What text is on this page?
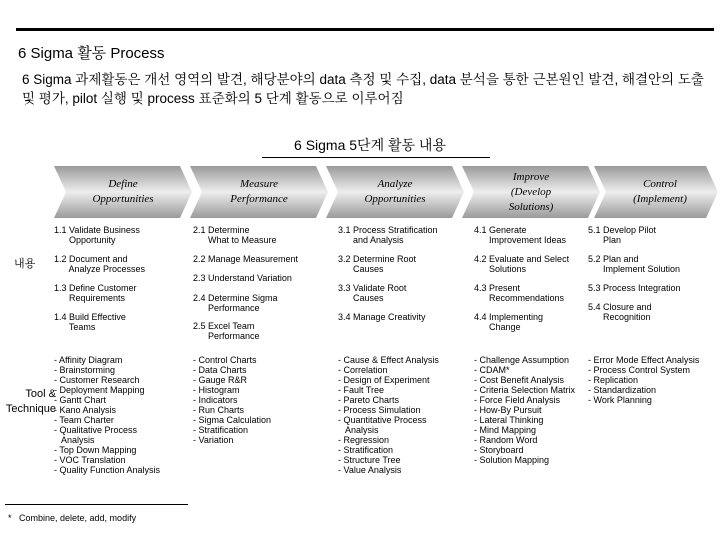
6 Sigma 활동 Process
6 Sigma 과제활동은 개선 영역의 발견, 해당분야의 data 측정 및 수집, data 분석을 통한 근본원인 발견, 해결안의 도출 및 평가, pilot 실행 및 process 표준화의 5 단계 활동으로 이루어짐
6 Sigma 5단계 활동 내용
Define
Opportunities
Measure
Performance
Analyze
Opportunities
Improve
(Develop
Solutions)
Control
(Implement)
내용
Tool &
Technique
1.1 Validate Business
Opportunity
1.2 Document and
Analyze Processes
1.3 Define Customer
Requirements
1.4 Build Effective
Teams
2.1 Determine
What to Measure
2.2 Manage Measurement
2.3 Understand Variation
2.4 Determine Sigma
Performance
2.5 Excel Team
Performance
3.1 Process Stratification
and Analysis
3.2 Determine Root
Causes
3.3 Validate Root
Causes
3.4 Manage Creativity
4.1 Generate
Improvement Ideas
4.2 Evaluate and Select
Solutions
4.3 Present
Recommendations
4.4 Implementing
Change
5.1 Develop Pilot
Plan
5.2 Plan and
Implement Solution
5.3 Process Integration
5.4 Closure and
Recognition
- Affinity Diagram
- Brainstorming
- Customer Research
- Deployment Mapping
- Gantt Chart
- Kano Analysis
- Team Charter
- Qualitative Process
Analysis
- Top Down Mapping
- VOC Translation
- Quality Function Analysis
- Control Charts
- Data Charts
- Gauge R&R
- Histogram
- Indicators
- Run Charts
- Sigma Calculation
- Stratification
- Variation
- Cause & Effect Analysis
- Correlation
- Design of Experiment
- Fault Tree
- Pareto Charts
- Process Simulation
- Quantitative Process
Analysis
- Regression
- Stratification
- Structure Tree
- Value Analysis
- Challenge Assumption
- CDAM*
- Cost Benefit Analysis
- Criteria Selection Matrix
- Force Field Analysis
- How-By Pursuit
- Lateral Thinking
- Mind Mapping
- Random Word
- Storyboard
- Solution Mapping
- Error Mode Effect Analysis
- Process Control System
- Replication
- Standardization
- Work Planning
*   Combine, delete, add, modify
